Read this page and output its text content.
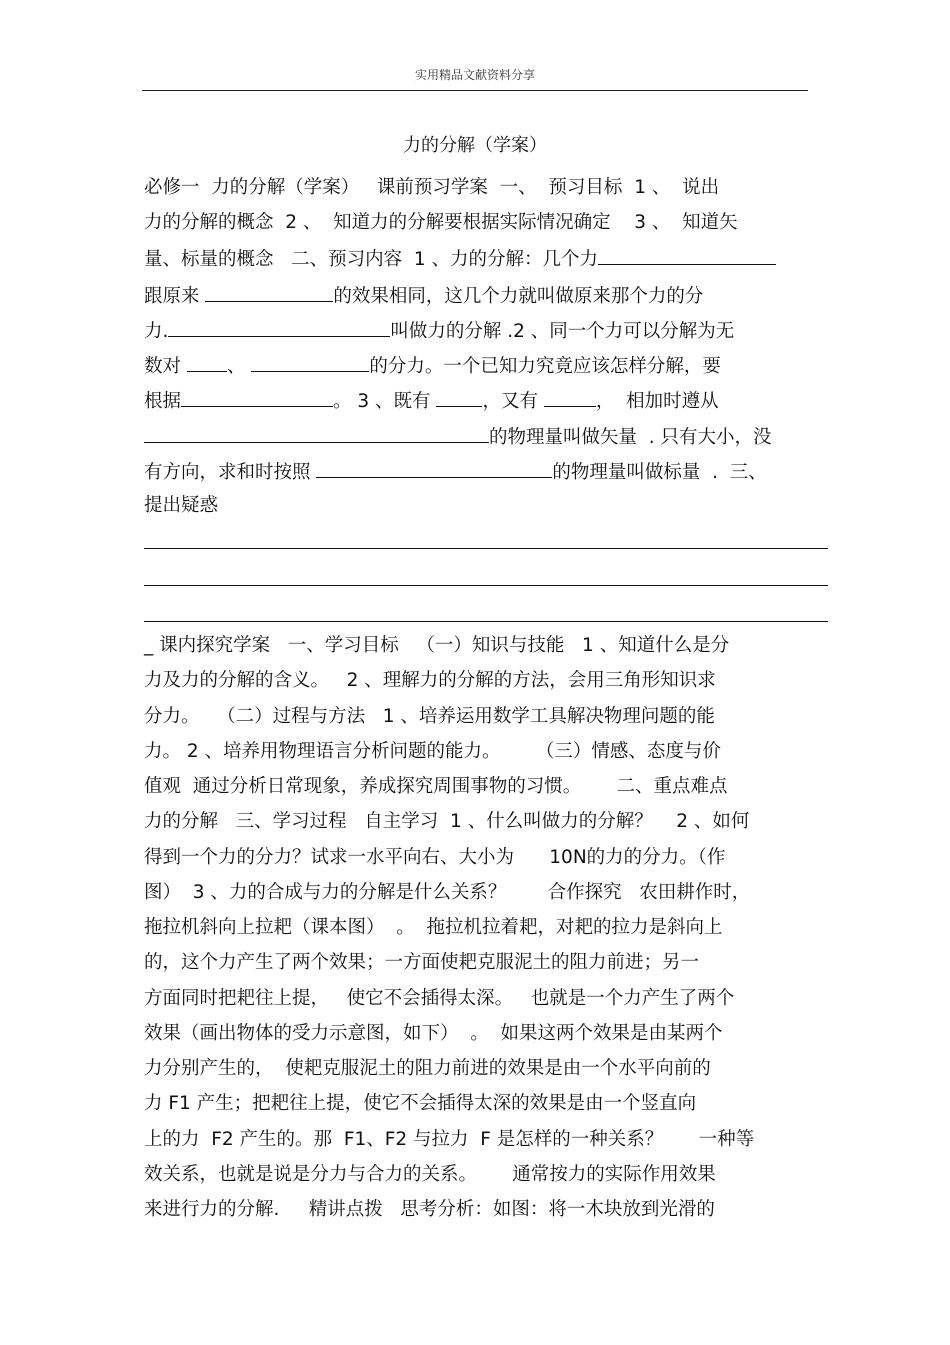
实用精品文献资料分享
力的分解（学案）
必修一  力的分解（学案）   课前预习学案  一、  预习目标  1 、  说出
力的分解的概念  2 、  知道力的分解要根据实际情况确定    3 、  知道矢
量、标量的概念   二、预习内容  1 、力的分解：几个力
跟原来	的效果相同，这几个力就叫做原来那个力的分
力.	叫做力的分解 .2 、同一个力可以分解为无
数对 、	的分力。一个已知力究竟应该怎样分解，要
根据	。 3 、既有	，又有	，  相加时遵从
的物理量叫做矢量  . 只有大小，没
有方向，求和时按照	的物理量叫做标量  .  三、
提出疑惑
_ 课内探究学案   一、学习目标   （一）知识与技能   1 、知道什么是分
力及力的分解的含义。   2 、理解力的分解的方法，会用三角形知识求
分力。   （二）过程与方法   1 、培养运用数学工具解决物理问题的能
力。 2 、培养用物理语言分析问题的能力。      （三）情感、态度与价
值观  通过分析日常现象，养成探究周围事物的习惯。      二、重点难点
力的分解   三、学习过程   自主学习  1 、什么叫做力的分解？    2 、如何
得到一个力的分力？试求一水平向右、大小为      10N的力的分力。（作
图）  3 、力的合成与力的分解是什么关系？       合作探究   农田耕作时，
拖拉机斜向上拉耙（课本图）  。  拖拉机拉着耙，对耙的拉力是斜向上
的，这个力产生了两个效果；一方面使耙克服泥土的阻力前进；另一
方面同时把耙往上提，   使它不会插得太深。   也就是一个力产生了两个
效果（画出物体的受力示意图，如下）  。  如果这两个效果是由某两个
力分别产生的，  使耙克服泥土的阻力前进的效果是由一个水平向前的
力 F1 产生；把耙往上提，使它不会插得太深的效果是由一个竖直向
上的力  F2 产生的。那  F1、F2 与拉力  F 是怎样的一种关系？      一种等
效关系，也就是说是分力与合力的关系。      通常按力的实际作用效果
来进行力的分解.     精讲点拨   思考分析：如图：将一木块放到光滑的
